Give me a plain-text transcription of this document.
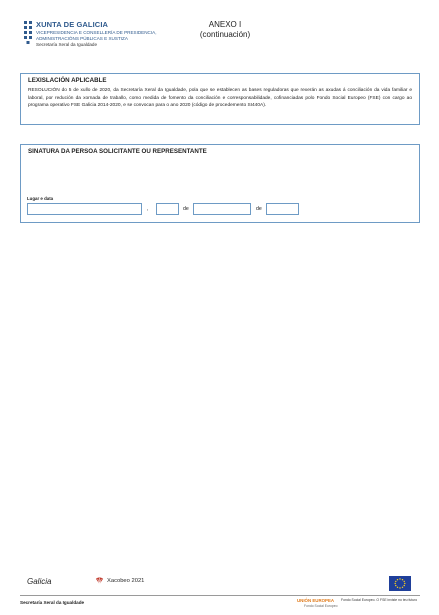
XUNTA DE GALICIA
VICEPRESIDENCIA E CONSELLERÍA DE PRESIDENCIA,
ADMINISTRACIÓNS PÚBLICAS E XUSTIZA
Secretaría Xeral da Igualdade
ANEXO I
(continuación)
LEXISLACIÓN APLICABLE
RESOLUCIÓN do 5 de xullo de 2020, da Secretaría Xeral da Igualdade, pola que se establecen as bases reguladoras que rexerán as axudas á conciliación da vida familiar e laboral, por redución da xornada de traballo, como medida de fomento da conciliación e corresponsabilidade, cofinanciadas polo Fondo Social Europeo (FSE) con cargo ao programa operativo FSE Galicia 2014-2020, e se convocan para o ano 2020 (código de procedemento SI440A).
SINATURA DA PERSOA SOLICITANTE OU REPRESENTANTE
Lugar e data
,	de	de
Galicia	Xacobeo 2021
Secretaría Xeral da Igualdade	UNIÓN EUROPEA
Fondo Social Europeo
Fondo Social Europeo. O FSE inviste no teu futuro
